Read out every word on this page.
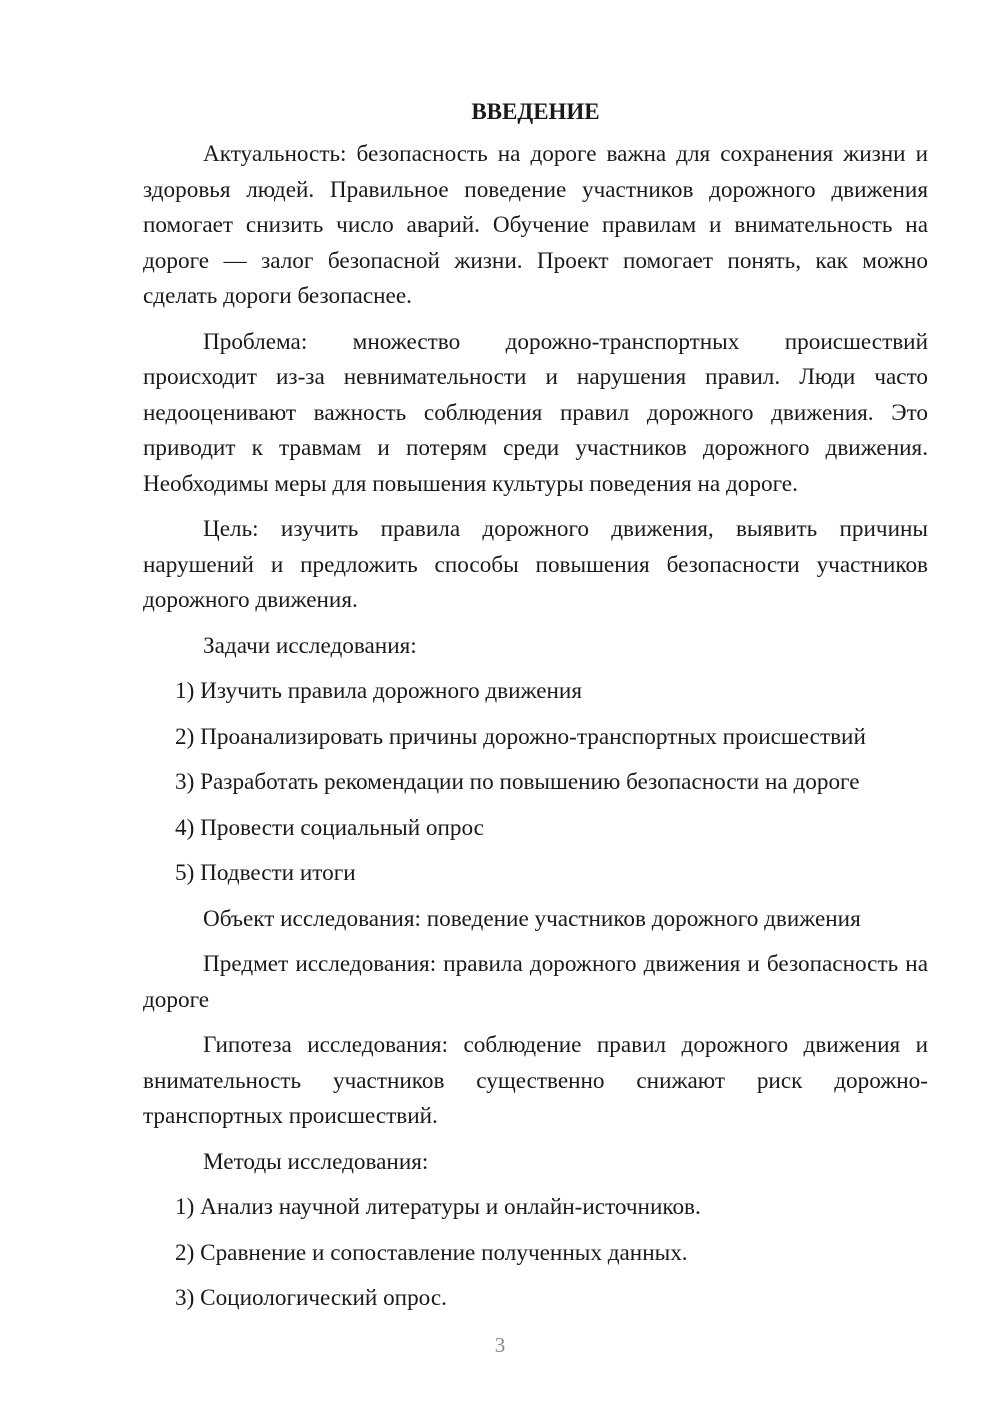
ВВЕДЕНИЕ

Актуальность: безопасность на дороге важна для сохранения жизни и здоровья людей. Правильное поведение участников дорожного движения помогает снизить число аварий. Обучение правилам и внимательность на дороге — залог безопасной жизни. Проект помогает понять, как можно сделать дороги безопаснее.

Проблема: множество дорожно-транспортных происшествий происходит из-за невнимательности и нарушения правил. Люди часто недооценивают важность соблюдения правил дорожного движения. Это приводит к травмам и потерям среди участников дорожного движения. Необходимы меры для повышения культуры поведения на дороге.

Цель: изучить правила дорожного движения, выявить причины нарушений и предложить способы повышения безопасности участников дорожного движения.

Задачи исследования:
1) Изучить правила дорожного движения
2) Проанализировать причины дорожно-транспортных происшествий
3) Разработать рекомендации по повышению безопасности на дороге
4) Провести социальный опрос
5) Подвести итоги
Объект исследования: поведение участников дорожного движения

Предмет исследования: правила дорожного движения и безопасность на дороге

Гипотеза исследования: соблюдение правил дорожного движения и внимательность участников существенно снижают риск дорожно-транспортных происшествий.

Методы исследования:
1) Анализ научной литературы и онлайн-источников.
2) Сравнение и сопоставление полученных данных.
3) Социологический опрос.
3
